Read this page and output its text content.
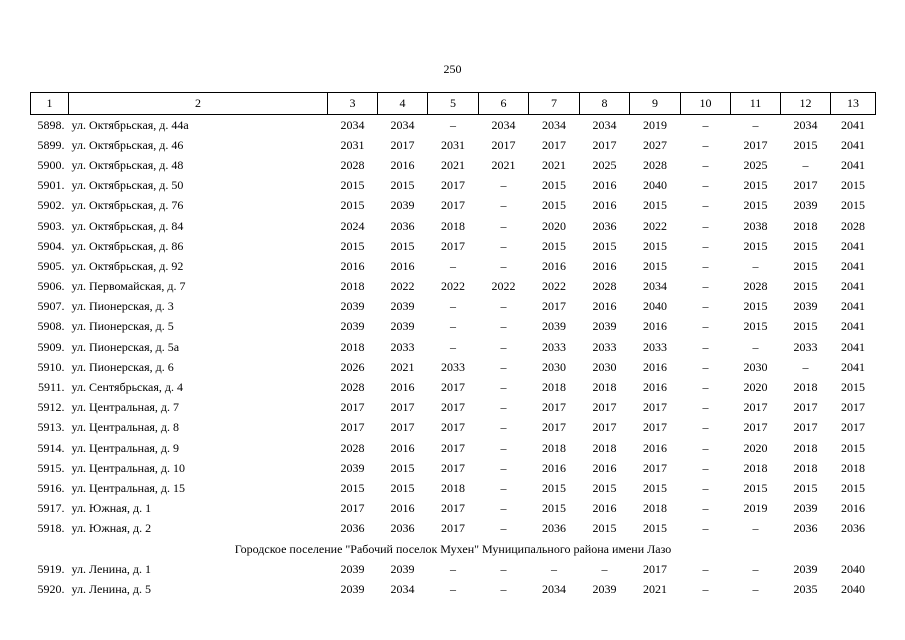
250
1	2	3	4	5	6	7	8	9	10	11	12	13
5898.	ул. Октябрьская, д. 44а	2034	2034	–	2034	2034	2034	2019	–	–	2034	2041
5899.	ул. Октябрьская, д. 46	2031	2017	2031	2017	2017	2017	2027	–	2017	2015	2041
5900.	ул. Октябрьская, д. 48	2028	2016	2021	2021	2021	2025	2028	–	2025	–	2041
5901.	ул. Октябрьская, д. 50	2015	2015	2017	–	2015	2016	2040	–	2015	2017	2015
5902.	ул. Октябрьская, д. 76	2015	2039	2017	–	2015	2016	2015	–	2015	2039	2015
5903.	ул. Октябрьская, д. 84	2024	2036	2018	–	2020	2036	2022	–	2038	2018	2028
5904.	ул. Октябрьская, д. 86	2015	2015	2017	–	2015	2015	2015	–	2015	2015	2041
5905.	ул. Октябрьская, д. 92	2016	2016	–	–	2016	2016	2015	–	–	2015	2041
5906.	ул. Первомайская, д. 7	2018	2022	2022	2022	2022	2028	2034	–	2028	2015	2041
5907.	ул. Пионерская, д. 3	2039	2039	–	–	2017	2016	2040	–	2015	2039	2041
5908.	ул. Пионерская, д. 5	2039	2039	–	–	2039	2039	2016	–	2015	2015	2041
5909.	ул. Пионерская, д. 5а	2018	2033	–	–	2033	2033	2033	–	–	2033	2041
5910.	ул. Пионерская, д. 6	2026	2021	2033	–	2030	2030	2016	–	2030	–	2041
5911.	ул. Сентябрьская, д. 4	2028	2016	2017	–	2018	2018	2016	–	2020	2018	2015
5912.	ул. Центральная, д. 7	2017	2017	2017	–	2017	2017	2017	–	2017	2017	2017
5913.	ул. Центральная, д. 8	2017	2017	2017	–	2017	2017	2017	–	2017	2017	2017
5914.	ул. Центральная, д. 9	2028	2016	2017	–	2018	2018	2016	–	2020	2018	2015
5915.	ул. Центральная, д. 10	2039	2015	2017	–	2016	2016	2017	–	2018	2018	2018
5916.	ул. Центральная, д. 15	2015	2015	2018	–	2015	2015	2015	–	2015	2015	2015
5917.	ул. Южная, д. 1	2017	2016	2017	–	2015	2016	2018	–	2019	2039	2016
5918.	ул. Южная, д. 2	2036	2036	2017	–	2036	2015	2015	–	–	2036	2036
Городское поселение "Рабочий поселок Мухен" Муниципального района имени Лазо												
5919.	ул. Ленина, д. 1	2039	2039	–	–	–	–	2017	–	–	2039	2040
5920.	ул. Ленина, д. 5	2039	2034	–	–	2034	2039	2021	–	–	2035	2040
